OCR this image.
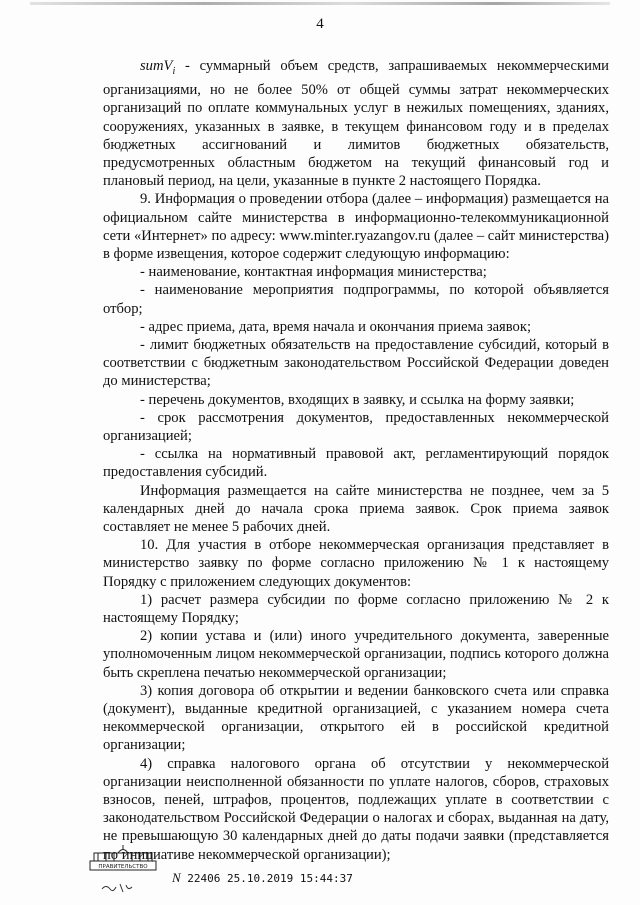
4

sumV$_i$ - суммарный объем средств, запрашиваемых некоммерческими организациями, но не более 50% от общей суммы затрат некоммерческих организаций по оплате коммунальных услуг в нежилых помещениях, зданиях, сооружениях, указанных в заявке, в текущем финансовом году и в пределах бюджетных ассигнований и лимитов бюджетных обязательств, предусмотренных областным бюджетом на текущий финансовый год и плановый период, на цели, указанные в пункте 2 настоящего Порядка.

9. Информация о проведении отбора (далее – информация) размещается на официальном сайте министерства в информационно-телекоммуникационной сети «Интернет» по адресу: www.minter.ryazangov.ru (далее – сайт министерства) в форме извещения, которое содержит следующую информацию:

- наименование, контактная информация министерства;

- наименование мероприятия подпрограммы, по которой объявляется отбор;

- адрес приема, дата, время начала и окончания приема заявок;

- лимит бюджетных обязательств на предоставление субсидий, который в соответствии с бюджетным законодательством Российской Федерации доведен до министерства;

- перечень документов, входящих в заявку, и ссылка на форму заявки;

- срок рассмотрения документов, предоставленных некоммерческой организацией;

- ссылка на нормативный правовой акт, регламентирующий порядок предоставления субсидий.

Информация размещается на сайте министерства не позднее, чем за 5 календарных дней до начала срока приема заявок. Срок приема заявок составляет не менее 5 рабочих дней.

10. Для участия в отборе некоммерческая организация представляет в министерство заявку по форме согласно приложению № 1 к настоящему Порядку с приложением следующих документов:

1) расчет размера субсидии по форме согласно приложению № 2 к настоящему Порядку;

2) копии устава и (или) иного учредительного документа, заверенные уполномоченным лицом некоммерческой организации, подпись которого должна быть скреплена печатью некоммерческой организации;

3) копия договора об открытии и ведении банковского счета или справка (документ), выданные кредитной организацией, с указанием номера счета некоммерческой организации, открытого ей в российской кредитной организации;

4) справка налогового органа об отсутствии у некоммерческой организации неисполненной обязанности по уплате налогов, сборов, страховых взносов, пеней, штрафов, процентов, подлежащих уплате в соответствии с законодательством Российской Федерации о налогах и сборах, выданная на дату, не превышающую 30 календарных дней до даты подачи заявки (представляется по инициативе некоммерческой организации);

ПРАВИТЕЛЬСТВО
N 22406 25.10.2019 15:44:37
